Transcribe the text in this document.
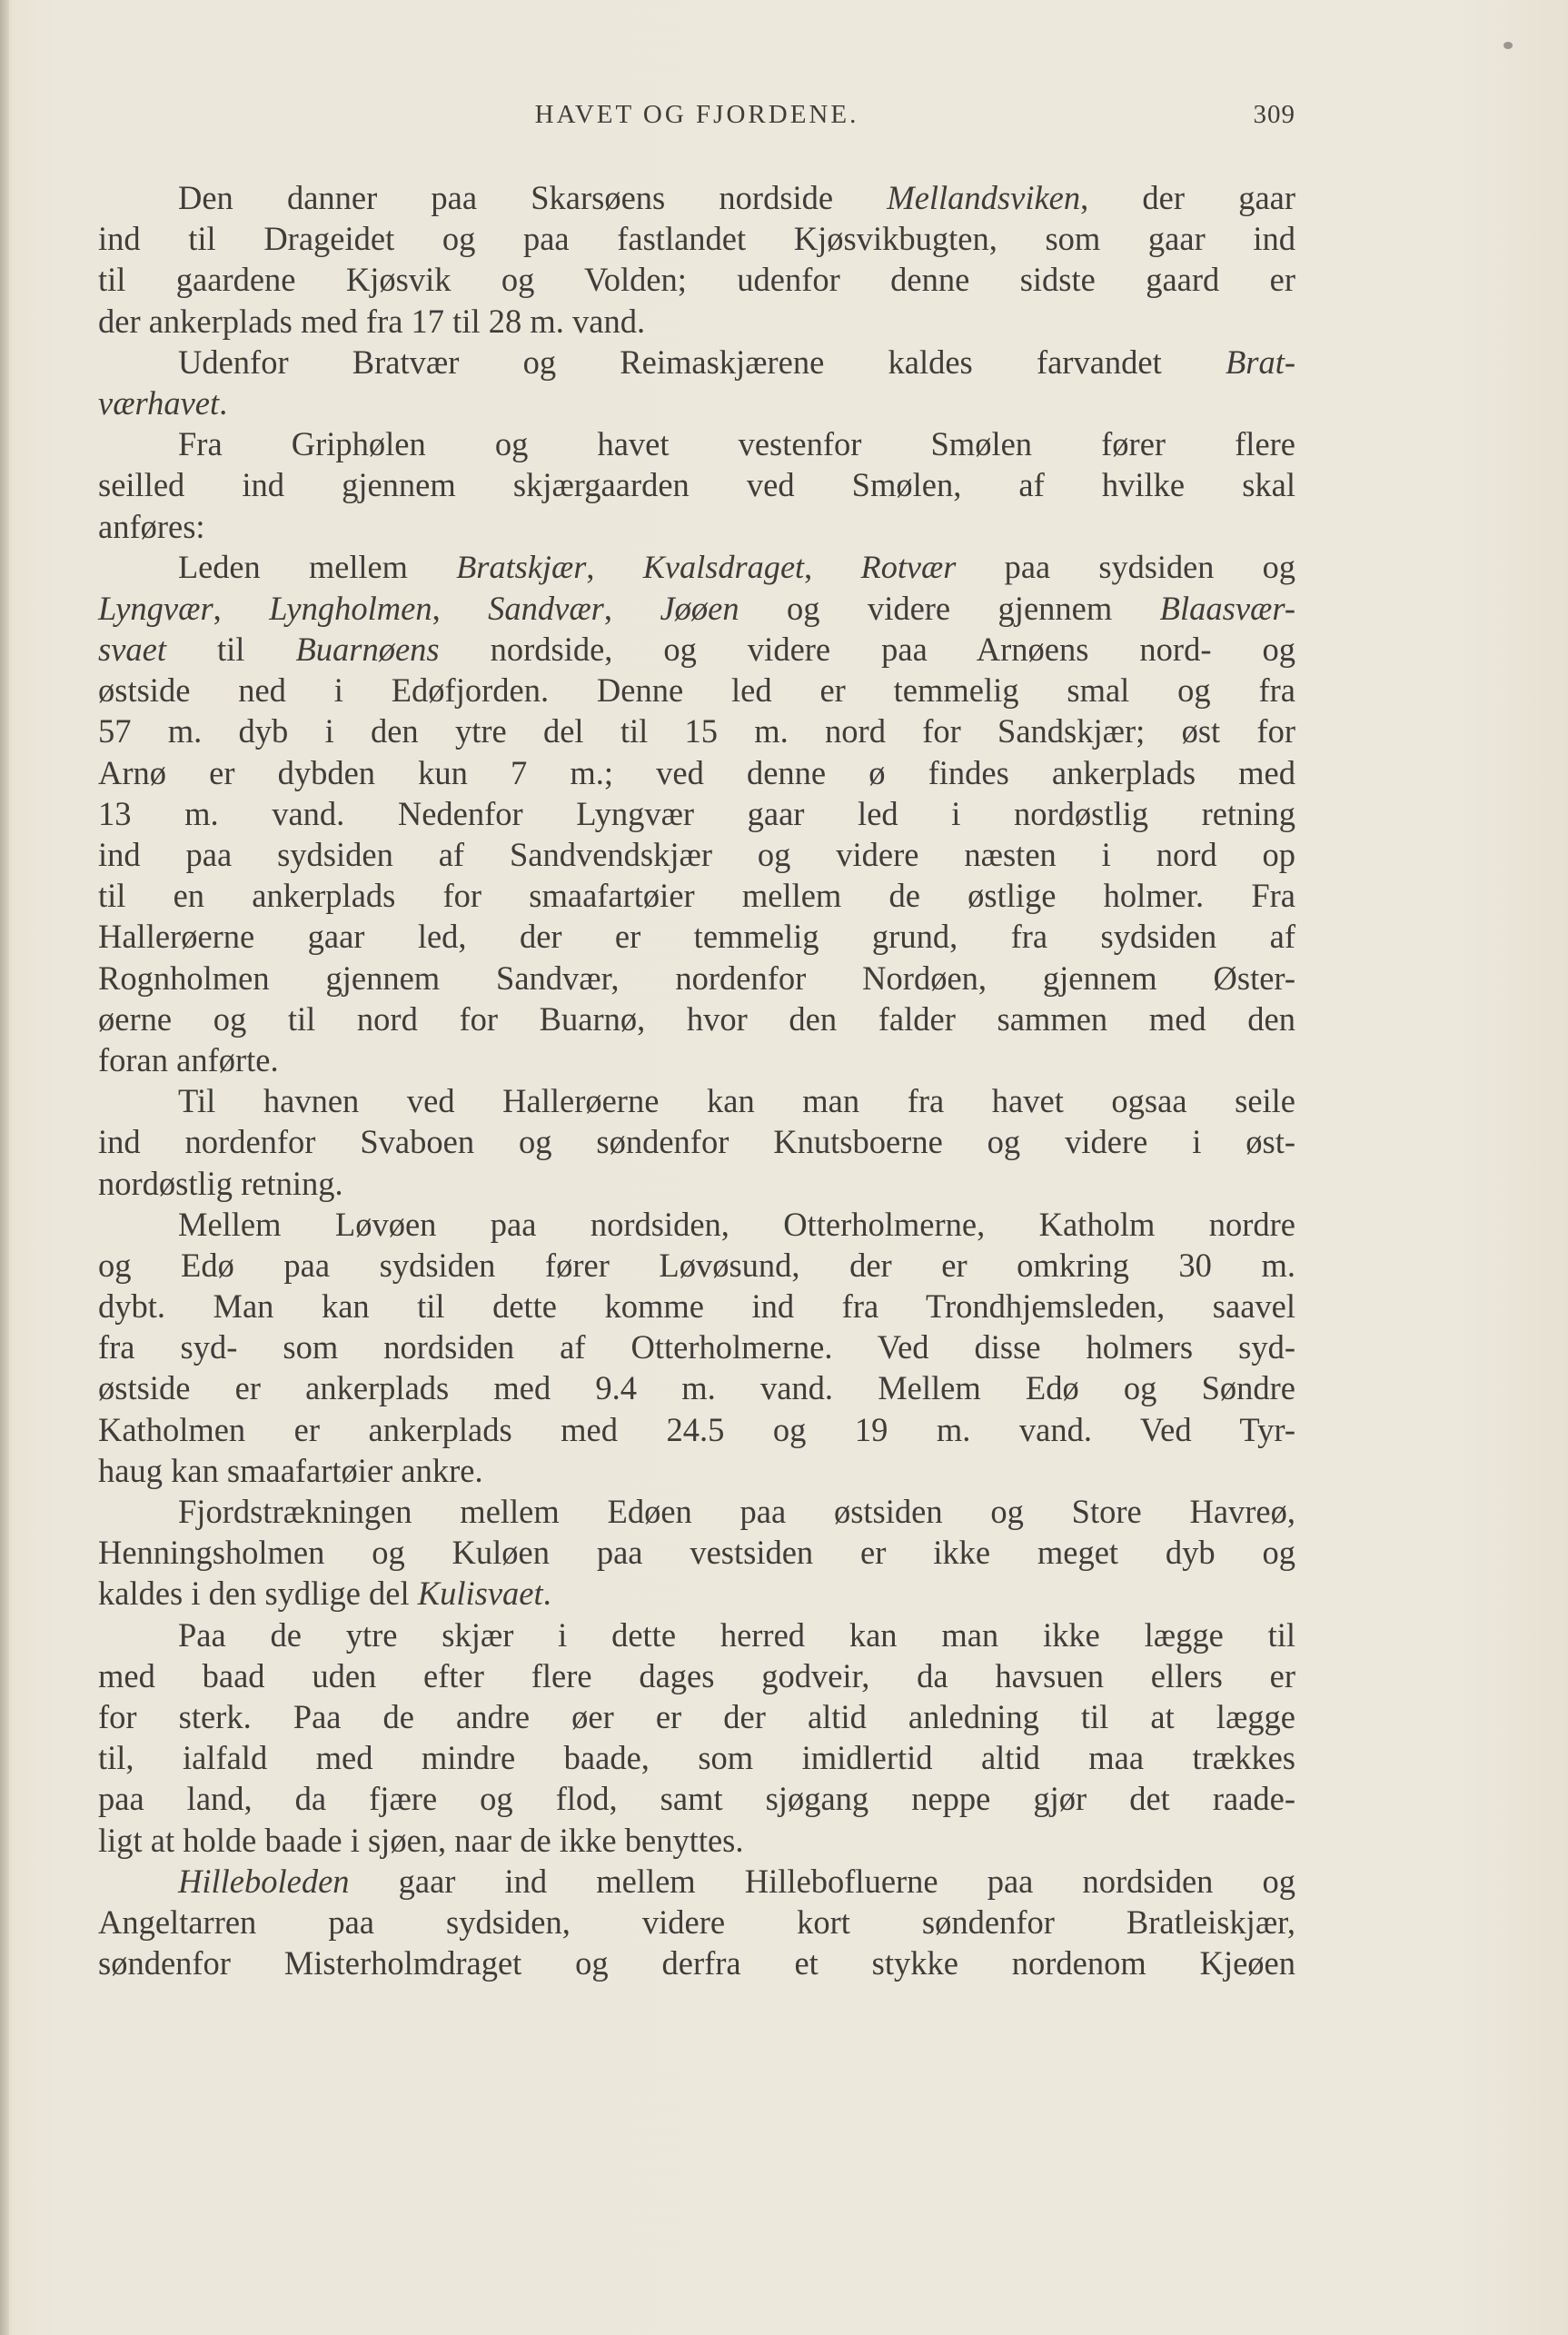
HAVET OG FJORDENE.	309
Den danner paa Skarsøens nordside Mellandsviken, der gaar
ind til Drageidet og paa fastlandet Kjøsvikbugten, som gaar ind
til gaardene Kjøsvik og Volden; udenfor denne sidste gaard er
der ankerplads med fra 17 til 28 m. vand.
Udenfor Bratvær og Reimaskjærene kaldes farvandet Brat-
værhavet.
Fra Griphølen og havet vestenfor Smølen fører flere
seilled ind gjennem skjærgaarden ved Smølen, af hvilke skal
anføres:
Leden mellem Bratskjær, Kvalsdraget, Rotvær paa sydsiden og
Lyngvær, Lyngholmen, Sandvær, Jøøen og videre gjennem Blaasvær-
svaet til Buarnøens nordside, og videre paa Arnøens nord- og
østside ned i Edøfjorden. Denne led er temmelig smal og fra
57 m. dyb i den ytre del til 15 m. nord for Sandskjær; øst for
Arnø er dybden kun 7 m.; ved denne ø findes ankerplads med
13 m. vand. Nedenfor Lyngvær gaar led i nordøstlig retning
ind paa sydsiden af Sandvendskjær og videre næsten i nord op
til en ankerplads for smaafartøier mellem de østlige holmer. Fra
Hallerøerne gaar led, der er temmelig grund, fra sydsiden af
Rognholmen gjennem Sandvær, nordenfor Nordøen, gjennem Øster-
øerne og til nord for Buarnø, hvor den falder sammen med den
foran anførte.
Til havnen ved Hallerøerne kan man fra havet ogsaa seile
ind nordenfor Svaboen og søndenfor Knutsboerne og videre i øst-
nordøstlig retning.
Mellem Løvøen paa nordsiden, Otterholmerne, Katholm nordre
og Edø paa sydsiden fører Løvøsund, der er omkring 30 m.
dybt. Man kan til dette komme ind fra Trondhjemsleden, saavel
fra syd- som nordsiden af Otterholmerne. Ved disse holmers syd-
østside er ankerplads med 9.4 m. vand. Mellem Edø og Søndre
Katholmen er ankerplads med 24.5 og 19 m. vand. Ved Tyr-
haug kan smaafartøier ankre.
Fjordstrækningen mellem Edøen paa østsiden og Store Havreø,
Henningsholmen og Kuløen paa vestsiden er ikke meget dyb og
kaldes i den sydlige del Kulisvaet.
Paa de ytre skjær i dette herred kan man ikke lægge til
med baad uden efter flere dages godveir, da havsuen ellers er
for sterk. Paa de andre øer er der altid anledning til at lægge
til, ialfald med mindre baade, som imidlertid altid maa trækkes
paa land, da fjære og flod, samt sjøgang neppe gjør det raade-
ligt at holde baade i sjøen, naar de ikke benyttes.
Hilleboleden gaar ind mellem Hillebofluerne paa nordsiden og
Angeltarren paa sydsiden, videre kort søndenfor Bratleiskjær,
søndenfor Misterholmdraget og derfra et stykke nordenom Kjeøen
